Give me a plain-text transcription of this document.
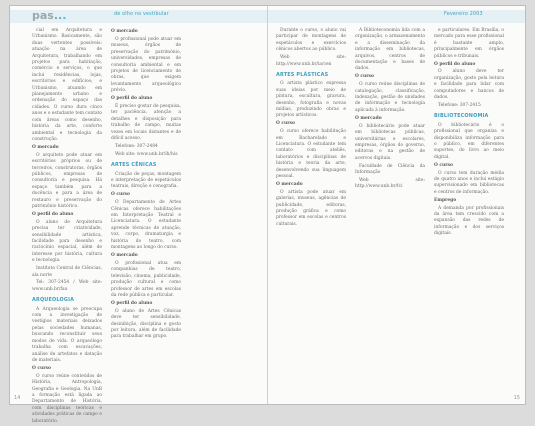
pas...	de olho no vestibular

cial em Arquitetura e Urbanismo. Basicamente, são duas vertentes possíveis: atuação na área de Arquitetura, trabalhando em projetos para habitação, comércio e serviços, o que inclui residências, lojas, escritórios e edifícios; e Urbanismo, atuando em planejamento urbano e ordenação do espaço das cidades. O curso dura cinco anos e o estudante tem contato com áreas como desenho, história da arte, conforto ambiental e tecnologia da construção.

O mercado

O arquiteto pode atuar em escritórios próprios ou de terceiros, construtoras, órgãos públicos, empresas de consultoria e pesquisa. Há espaço também para a docência e para a área de restauro e preservação do patrimônio histórico.

O perfil do aluno

O aluno de Arquitetura precisa ter criatividade, sensibilidade artística, facilidade para desenho e raciocínio espacial, além de interesse por história, cultura e tecnologia.

Instituto Central de Ciências, ala norte

Tel: 307-2454 / Web site: www.unb.br/fau

ARQUEOLOGIA

A Arqueologia se preocupa com a investigação de vestígios materiais deixados pelas sociedades humanas, buscando reconstituir seus modos de vida. O arqueólogo trabalha com escavações, análise de artefatos e datação de materiais.

O curso

O curso reúne conteúdos de História, Antropologia, Geografia e Geologia. Na UnB a formação está ligada ao Departamento de História, com disciplinas teóricas e atividades práticas de campo e laboratório.

O mercado

O profissional pode atuar em museus, órgãos de preservação do patrimônio, universidades, empresas de consultoria ambiental e em projetos de licenciamento de obras, que exigem levantamento arqueológico prévio.

O perfil do aluno

É preciso gostar de pesquisa, ter paciência, atenção a detalhes e disposição para trabalho de campo, muitas vezes em locais distantes e de difícil acesso.

Telefone: 307-2484

Web site: www.unb.br/ih/his

ARTES CÊNICAS

Criação de peças, montagem e interpretação de espetáculos teatrais, direção e cenografia.

O curso

O Departamento de Artes Cênicas oferece habilitações em Interpretação Teatral e Licenciatura. O estudante aprende técnicas de atuação, voz, corpo, dramaturgia e história do teatro, com montagens ao longo do curso.

O mercado

O profissional atua em companhias de teatro, televisão, cinema, publicidade, produção cultural e como professor de artes em escolas da rede pública e particular.

O perfil do aluno

O aluno de Artes Cênicas deve ter sensibilidade, desinibição, disciplina e gosto por leitura, além de facilidade para trabalhar em grupo.

14
Fevereiro 2003

Durante o curso, o aluno vai participar de montagens de espetáculos e exercícios cênicos abertos ao público.

Web site: http://www.unb.br/ia/cen

ARTES PLÁSTICAS

O artista plástico expressa suas ideias por meio de pintura, escultura, gravura, desenho, fotografia e novas mídias, produzindo obras e projetos artísticos.

O curso

O curso oferece habilitação em Bacharelado e Licenciatura. O estudante tem contato com ateliês, laboratórios e disciplinas de história e teoria da arte, desenvolvendo sua linguagem pessoal.

O mercado

O artista pode atuar em galerias, museus, agências de publicidade, editoras, produção gráfica e como professor em escolas e centros culturais.

A Biblioteconomia lida com a organização, o armazenamento e a disseminação da informação em bibliotecas, arquivos, centros de documentação e bases de dados.

O curso

O curso reúne disciplinas de catalogação, classificação, indexação, gestão de unidades de informação e tecnologia aplicada à informação.

O mercado

O bibliotecário pode atuar em bibliotecas públicas, universitárias e escolares, empresas, órgãos do governo, editoras e na gestão de acervos digitais.

Faculdade de Ciência da Informação

Web site: http://www.unb.br/fci

e particulares. Em Brasília, o mercado para esse profissional é bastante amplo, principalmente em órgãos públicos e tribunais.

O perfil do aluno

O aluno deve ter organização, gosto pela leitura e facilidade para lidar com computadores e bancos de dados.

Telefone: 307-2415

BIBLIOTECONOMIA

O bibliotecário é o profissional que organiza e disponibiliza informação para o público, em diferentes suportes, do livro ao meio digital.

O curso

O curso tem duração média de quatro anos e inclui estágio supervisionado em bibliotecas e centros de informação.

Emprego

A demanda por profissionais da área tem crescido com a expansão das redes de informação e dos serviços digitais.

15
